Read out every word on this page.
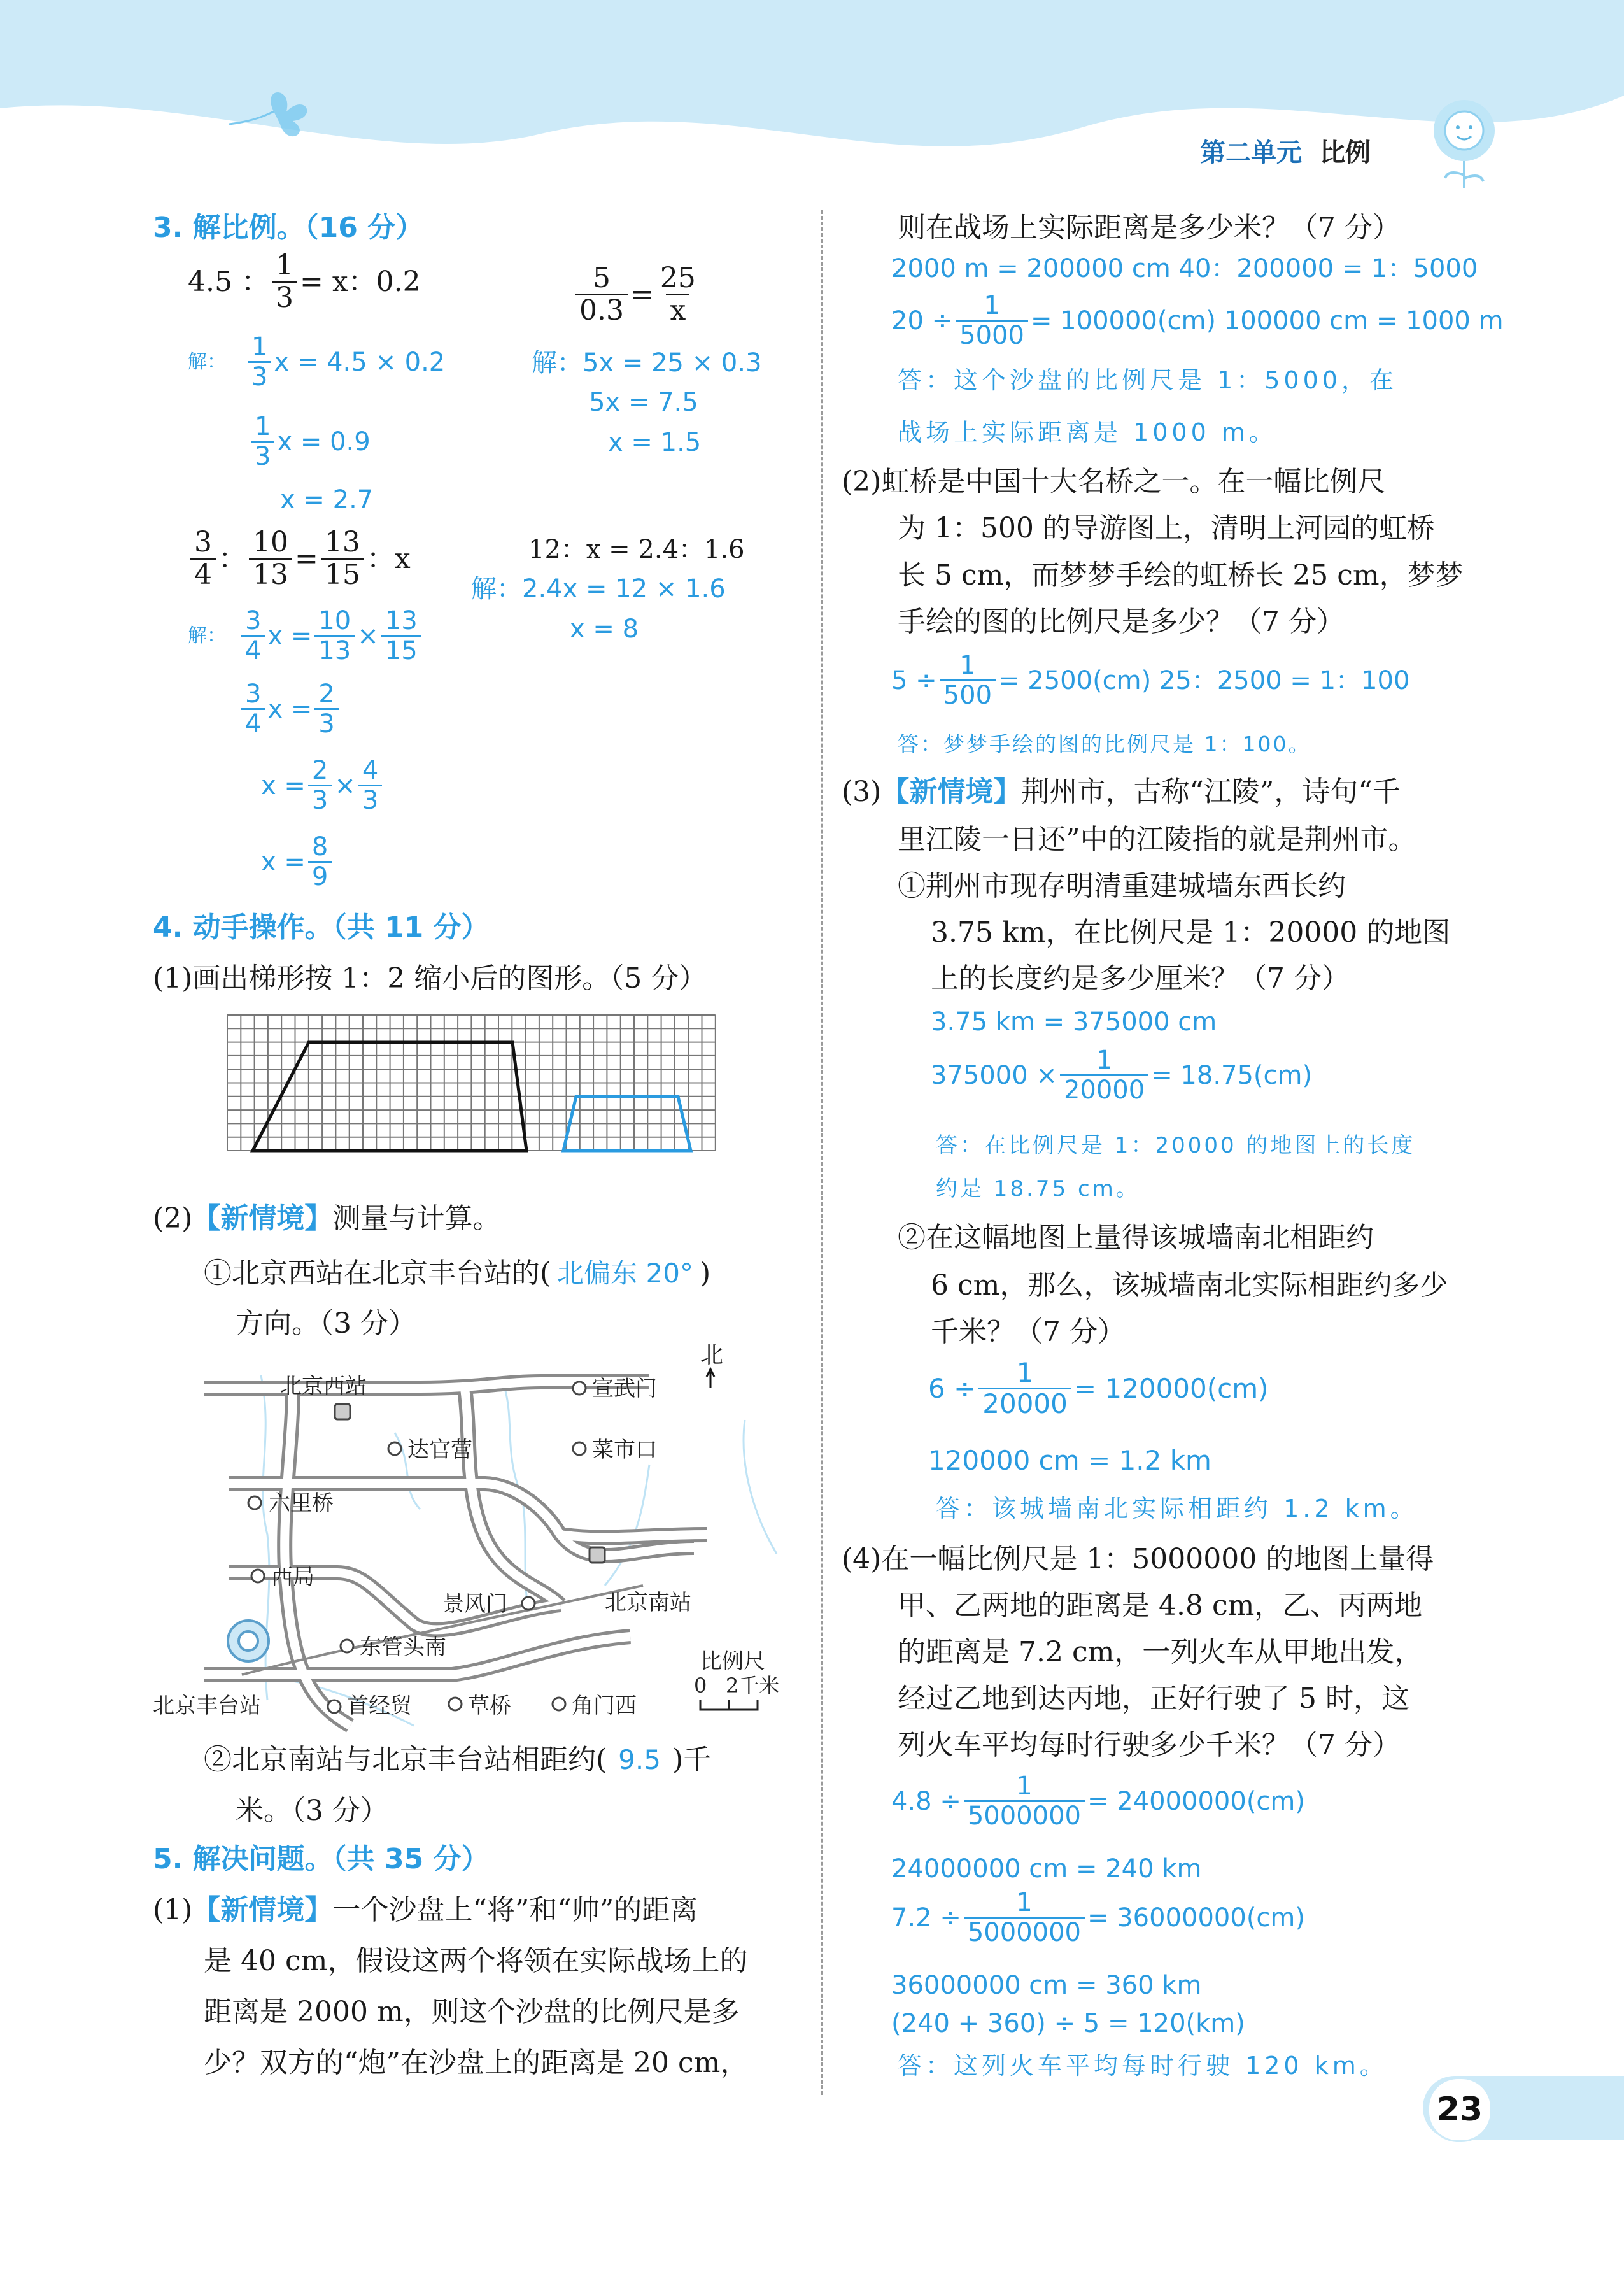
第二单元 比例
3. 解比例。（16 分）
4.5 ： $\frac{1}{3} = x$：0.2
解： $\frac{1}{3}$ x = 4.5 × 0.2
$\frac{1}{3}$ x = 0.9
x = 2.7
$\frac{5}{0.3} = \frac{25}{x}$
解：5x = 25 × 0.3
5x = 7.5
x = 1.5
$\frac{3}{4}$ ： $\frac{10}{13} = \frac{13}{15}$ ：x
解： $\frac{3}{4}$ $x = \frac{10}{13} \times \frac{13}{15}$
$\frac{3}{4}$ $x = \frac{2}{3}$
$x = \frac{2}{3} \times \frac{4}{3}$
$x = \frac{8}{9}$
12：x = 2.4：1.6
解：2.4x = 12 × 1.6
x = 8
4. 动手操作。（共 11 分）
(1)画出梯形按 1：2 缩小后的图形。（5 分）
(2) 【新情境】 测量与计算。
①北京西站在北京丰台站的( 北偏东 20° )
方向。（3 分）
北
北京西站	宣武门
达官营	菜市口
六里桥
西局
景风门	北京南站
东管头南
北京丰台站	首经贸	草桥	角门西
比例尺
0 2千米
②北京南站与北京丰台站相距约( 9.5 )千
米。（3 分）
5. 解决问题。（共 35 分）
(1) 【新情境】 一个沙盘上“将”和“帅”的距离
是 40 cm，假设这两个将领在实际战场上的
距离是 2000 m，则这个沙盘的比例尺是多
少？双方的“炮”在沙盘上的距离是 20 cm，
则在战场上实际距离是多少米？（7 分）
2000 m = 200000 cm 40：200000 = 1：5000
$20 \div \frac{1}{5000} = 100000(cm)$ 100000 cm = 1000 m
答：这个沙盘的比例尺是 1：5000，在
战场上实际距离是 1000 m。
(2)虹桥是中国十大名桥之一。在一幅比例尺
为 1：500 的导游图上，清明上河园的虹桥
长 5 cm，而梦梦手绘的虹桥长 25 cm，梦梦
手绘的图的比例尺是多少？（7 分）
$5 \div \frac{1}{500} = 2500(cm)$ 25：2500 = 1：100
答：梦梦手绘的图的比例尺是 1：100。
(3) 【新情境】 荆州市，古称“江陵”，诗句“千
里江陵一日还”中的江陵指的就是荆州市。
①荆州市现存明清重建城墙东西长约
3.75 km，在比例尺是 1：20000 的地图
上的长度约是多少厘米？（7 分）
3.75 km = 375000 cm
$375000 \times \frac{1}{20000} = 18.75(cm)$
答：在比例尺是 1：20000 的地图上的长度
约是 18.75 cm。
②在这幅地图上量得该城墙南北相距约
6 cm，那么，该城墙南北实际相距约多少
千米？（7 分）
$6 \div \frac{1}{20000} = 120000(cm)$
120000 cm = 1.2 km
答：该城墙南北实际相距约 1.2 km。
(4)在一幅比例尺是 1：5000000 的地图上量得
甲、乙两地的距离是 4.8 cm，乙、丙两地
的距离是 7.2 cm，一列火车从甲地出发，
经过乙地到达丙地，正好行驶了 5 时，这
列火车平均每时行驶多少千米？（7 分）
$4.8 \div \frac{1}{5000000} = 24000000(cm)$
24000000 cm = 240 km
$7.2 \div \frac{1}{5000000} = 36000000(cm)$
36000000 cm = 360 km
(240 + 360) ÷ 5 = 120(km)
答：这列火车平均每时行驶 120 km。
23
